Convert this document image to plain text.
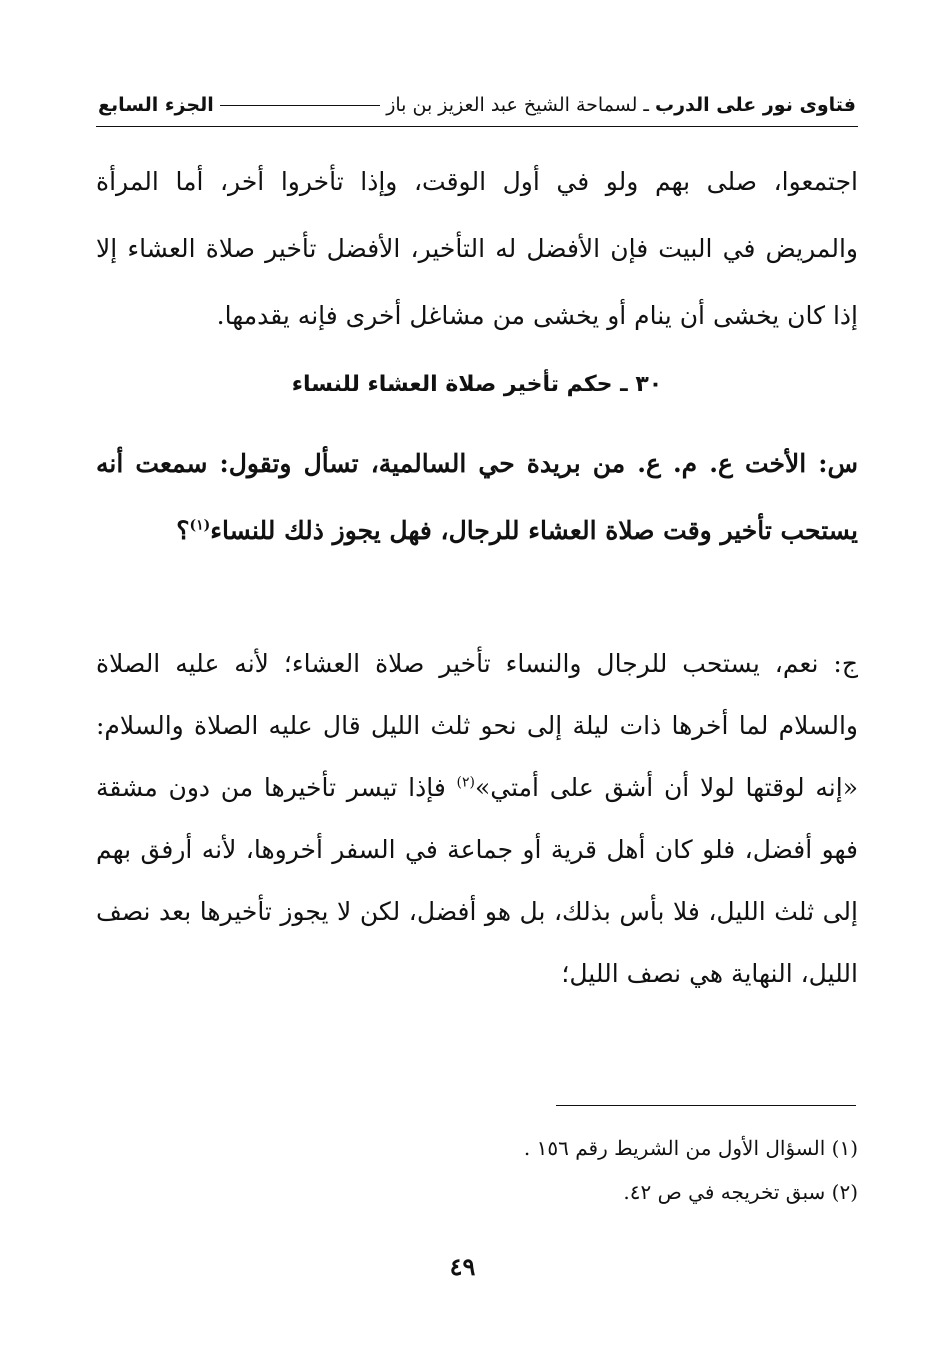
فتاوى نور على الدرب
ـ
لسماحة الشيخ عبد العزيز بن باز
الجزء السابع

اجتمعوا، صلى بهم ولو في أول الوقت، وإذا تأخروا أخر، أما المرأة والمريض في البيت فإن الأفضل له التأخير، الأفضل تأخير صلاة العشاء إلا إذا كان يخشى أن ينام أو يخشى من مشاغل أخرى فإنه يقدمها.

٣٠ ـ حكم تأخير صلاة العشاء للنساء

س: الأخت ع. م. ع. من بريدة حي السالمية، تسأل وتقول: سمعت أنه يستحب تأخير وقت صلاة العشاء للرجال، فهل يجوز ذلك للنساء$^{(١)}$؟

ج: نعم، يستحب للرجال والنساء تأخير صلاة العشاء؛ لأنه عليه الصلاة والسلام لما أخرها ذات ليلة إلى نحو ثلث الليل قال عليه الصلاة والسلام: «إنه لوقتها لولا أن أشق على أمتي»$^{(٢)}$ فإذا تيسر تأخيرها من دون مشقة فهو أفضل، فلو كان أهل قرية أو جماعة في السفر أخروها، لأنه أرفق بهم إلى ثلث الليل، فلا بأس بذلك، بل هو أفضل، لكن لا يجوز تأخيرها بعد نصف الليل، النهاية هي نصف الليل؛

(١) السؤال الأول من الشريط رقم ١٥٦ .
(٢) سبق تخريجه في ص ٤٢.
٤٩
